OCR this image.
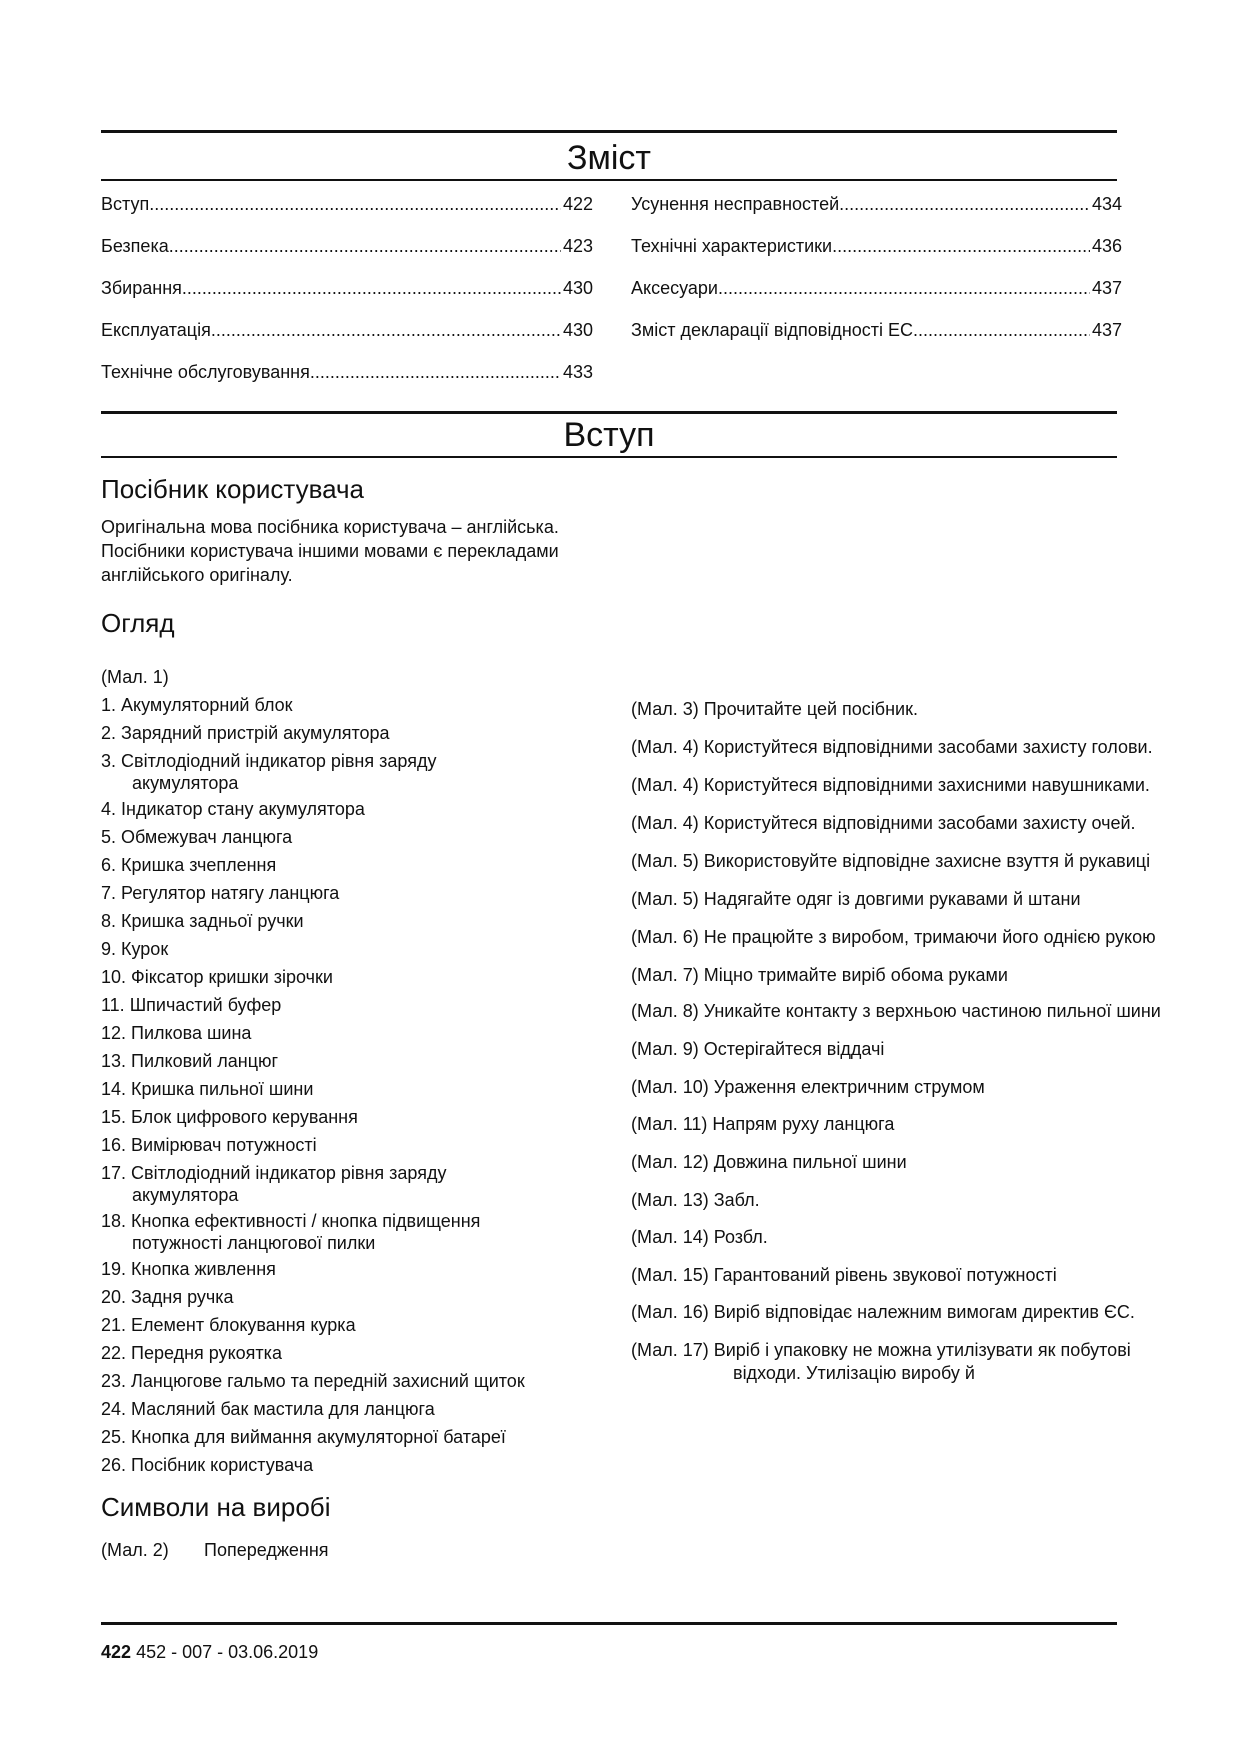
Зміст
Вступ .....	422
Безпека .....	423
Збирання .....	430
Експлуатація .....	430
Технічне обслуговування .....	433
Усунення несправностей .....	434
Технічні характеристики .....	436
Аксесуари .....	437
Зміст декларації відповідності ЕС .....	437
Вступ
Посібник користувача

Оригінальна мова посібника користувача – англійська. Посібники користувача іншими мовами є перекладами англійського оригіналу.

Огляд
(Мал. 1)
1. Акумуляторний блок
2. Зарядний пристрій акумулятора
3. Світлодіодний індикатор рівня заряду акумулятора
4. Індикатор стану акумулятора
5. Обмежувач ланцюга
6. Кришка зчеплення
7. Регулятор натягу ланцюга
8. Кришка задньої ручки
9. Курок
10. Фіксатор кришки зірочки
11. Шпичастий буфер
12. Пилкова шина
13. Пилковий ланцюг
14. Кришка пильної шини
15. Блок цифрового керування
16. Вимірювач потужності
17. Світлодіодний індикатор рівня заряду акумулятора
18. Кнопка ефективності / кнопка підвищення потужності ланцюгової пилки
19. Кнопка живлення
20. Задня ручка
21. Елемент блокування курка
22. Передня рукоятка
23. Ланцюгове гальмо та передній захисний щиток
24. Масляний бак мастила для ланцюга
25. Кнопка для виймання акумуляторної батареї
26. Посібник користувача
Символи на виробі
(Мал. 2) Попередження
(Мал. 3) Прочитайте цей посібник.
(Мал. 4) Користуйтеся відповідними засобами захисту голови.
(Мал. 4) Користуйтеся відповідними захисними навушниками.
(Мал. 4) Користуйтеся відповідними засобами захисту очей.
(Мал. 5) Використовуйте відповідне захисне взуття й рукавиці
(Мал. 5) Надягайте одяг із довгими рукавами й штани
(Мал. 6) Не працюйте з виробом, тримаючи його однією рукою
(Мал. 7) Міцно тримайте виріб обома руками
(Мал. 8) Уникайте контакту з верхньою частиною пильної шини
(Мал. 9) Остерігайтеся віддачі
(Мал. 10) Ураження електричним струмом
(Мал. 11) Напрям руху ланцюга
(Мал. 12) Довжина пильної шини
(Мал. 13) Забл.
(Мал. 14) Розбл.
(Мал. 15) Гарантований рівень звукової потужності
(Мал. 16) Виріб відповідає належним вимогам директив ЄС.
(Мал. 17) Виріб і упаковку не можна утилізувати як побутові відходи. Утилізацію виробу й
422 452 - 007 - 03.06.2019
